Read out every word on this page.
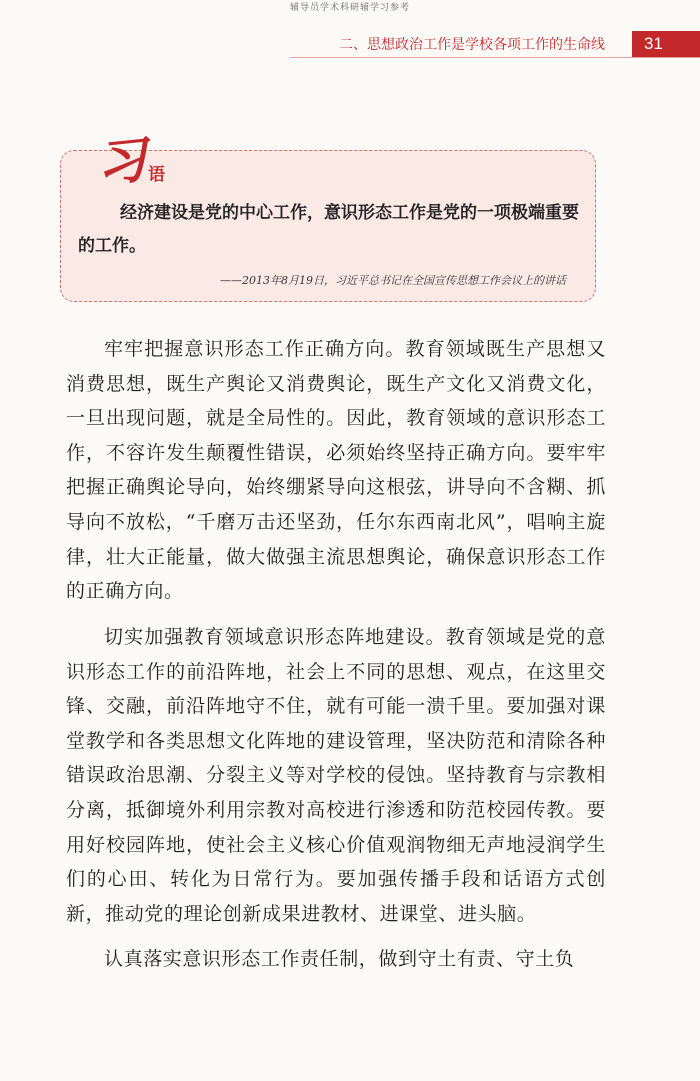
辅导员学术科研辅学习参考
二、思想政治工作是学校各项工作的生命线	31
习
语

经济建设是党的中心工作，意识形态工作是党的一项极端重要的工作。

——2013年8月19日，习近平总书记在全国宣传思想工作会议上的讲话

牢牢把握意识形态工作正确方向。教育领域既生产思想又消费思想，既生产舆论又消费舆论，既生产文化又消费文化，一旦出现问题，就是全局性的。因此，教育领域的意识形态工作，不容许发生颠覆性错误，必须始终坚持正确方向。要牢牢把握正确舆论导向，始终绷紧导向这根弦，讲导向不含糊、抓导向不放松，“千磨万击还坚劲，任尔东西南北风”，唱响主旋律，壮大正能量，做大做强主流思想舆论，确保意识形态工作的正确方向。

切实加强教育领域意识形态阵地建设。教育领域是党的意识形态工作的前沿阵地，社会上不同的思想、观点，在这里交锋、交融，前沿阵地守不住，就有可能一溃千里。要加强对课堂教学和各类思想文化阵地的建设管理，坚决防范和清除各种错误政治思潮、分裂主义等对学校的侵蚀。坚持教育与宗教相分离，抵御境外利用宗教对高校进行渗透和防范校园传教。要用好校园阵地，使社会主义核心价值观润物细无声地浸润学生们的心田、转化为日常行为。要加强传播手段和话语方式创新，推动党的理论创新成果进教材、进课堂、进头脑。

认真落实意识形态工作责任制，做到守土有责、守土负
